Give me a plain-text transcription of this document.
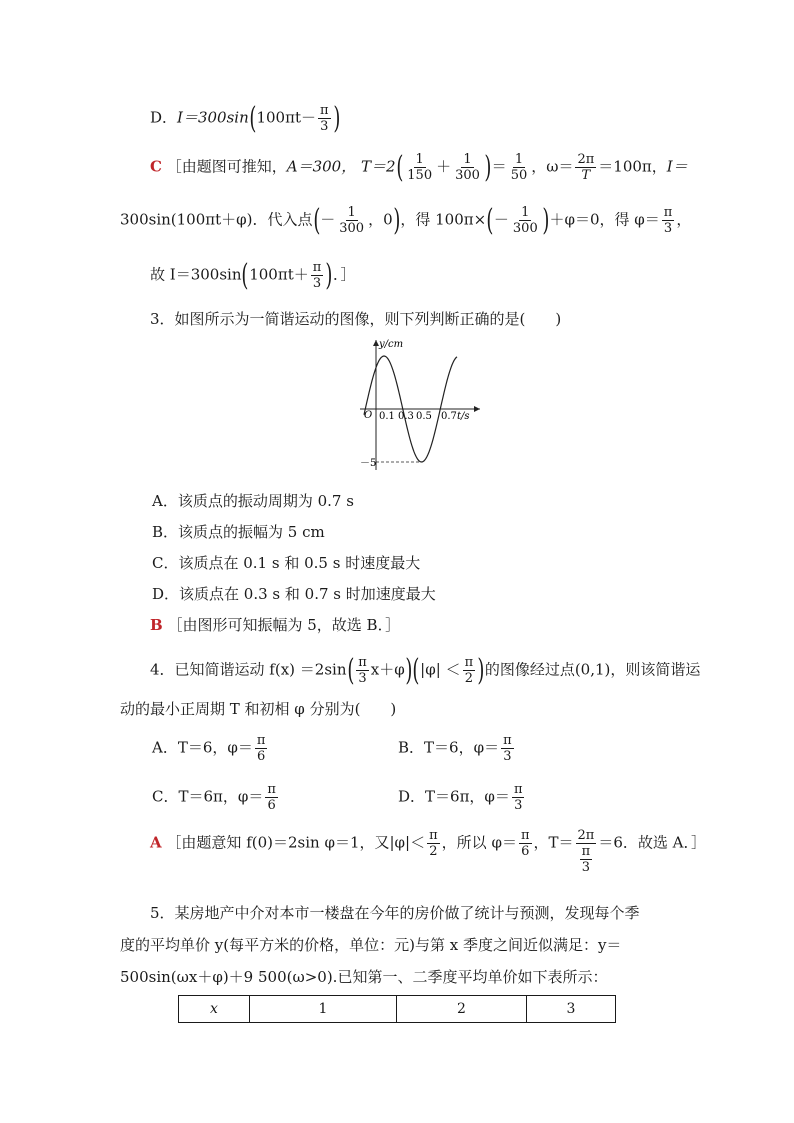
D．$I=300\sin(100\pi t- \frac{\pi}{3}$ )
C ［由题图可推知，A＝300， $T=2( \frac{1}{150} + \frac{1}{300}$ )＝ $\frac{1}{50}$ ，$\omega= \frac{2\pi}{T} =100\pi$，I＝
300sin(100πt＋φ)．代入点(－ $\frac{1}{300}$ ，0)，得 $100\pi\times(- \frac{1}{300} )+\varphi=0$，得 $\varphi= \frac{\pi}{3}$ ，
故 $I=300\sin(100\pi t+ \frac{\pi}{3}$ )．］
3．如图所示为一简谐运动的图像，则下列判断正确的是(　　)
y/cm
O 0.1 0.3 0.5 0.7 t/s
－5
A．该质点的振动周期为 0.7 s
B．该质点的振幅为 5 cm
C．该质点在 0.1 s 和 0.5 s 时速度最大
D．该质点在 0.3 s 和 0.7 s 时加速度最大
B ［由图形可知振幅为 5，故选 B．］
4．已知简谐运动 $f(x) =2\sin( \frac{\pi}{3} x+\varphi)(|\varphi| < \frac{\pi}{2}$ )的图像经过点(0,1)，则该简谐运
动的最小正周期 T 和初相 φ 分别为(　　)
A．T＝6，$\varphi= \frac{\pi}{6}$	B．T＝6，$\varphi= \frac{\pi}{3}$
C．T＝6π，$\varphi= \frac{\pi}{6}$	D．T＝6π，$\varphi= \frac{\pi}{3}$
A ［由题意知 f(0)＝2sin φ＝1，又$|\varphi|< \frac{\pi}{2}$ ，所以 $\varphi= \frac{\pi}{6}$ ，$T= \frac{2\pi}{\frac{\pi}{3}} =6$．故选 A．］
5．某房地产中介对本市一楼盘在今年的房价做了统计与预测，发现每个季
度的平均单价 y(每平方米的价格，单位：元)与第 x 季度之间近似满足：y＝
500sin(ωx＋φ)＋9 500(ω>0).已知第一、二季度平均单价如下表所示：
x	1	2	3
